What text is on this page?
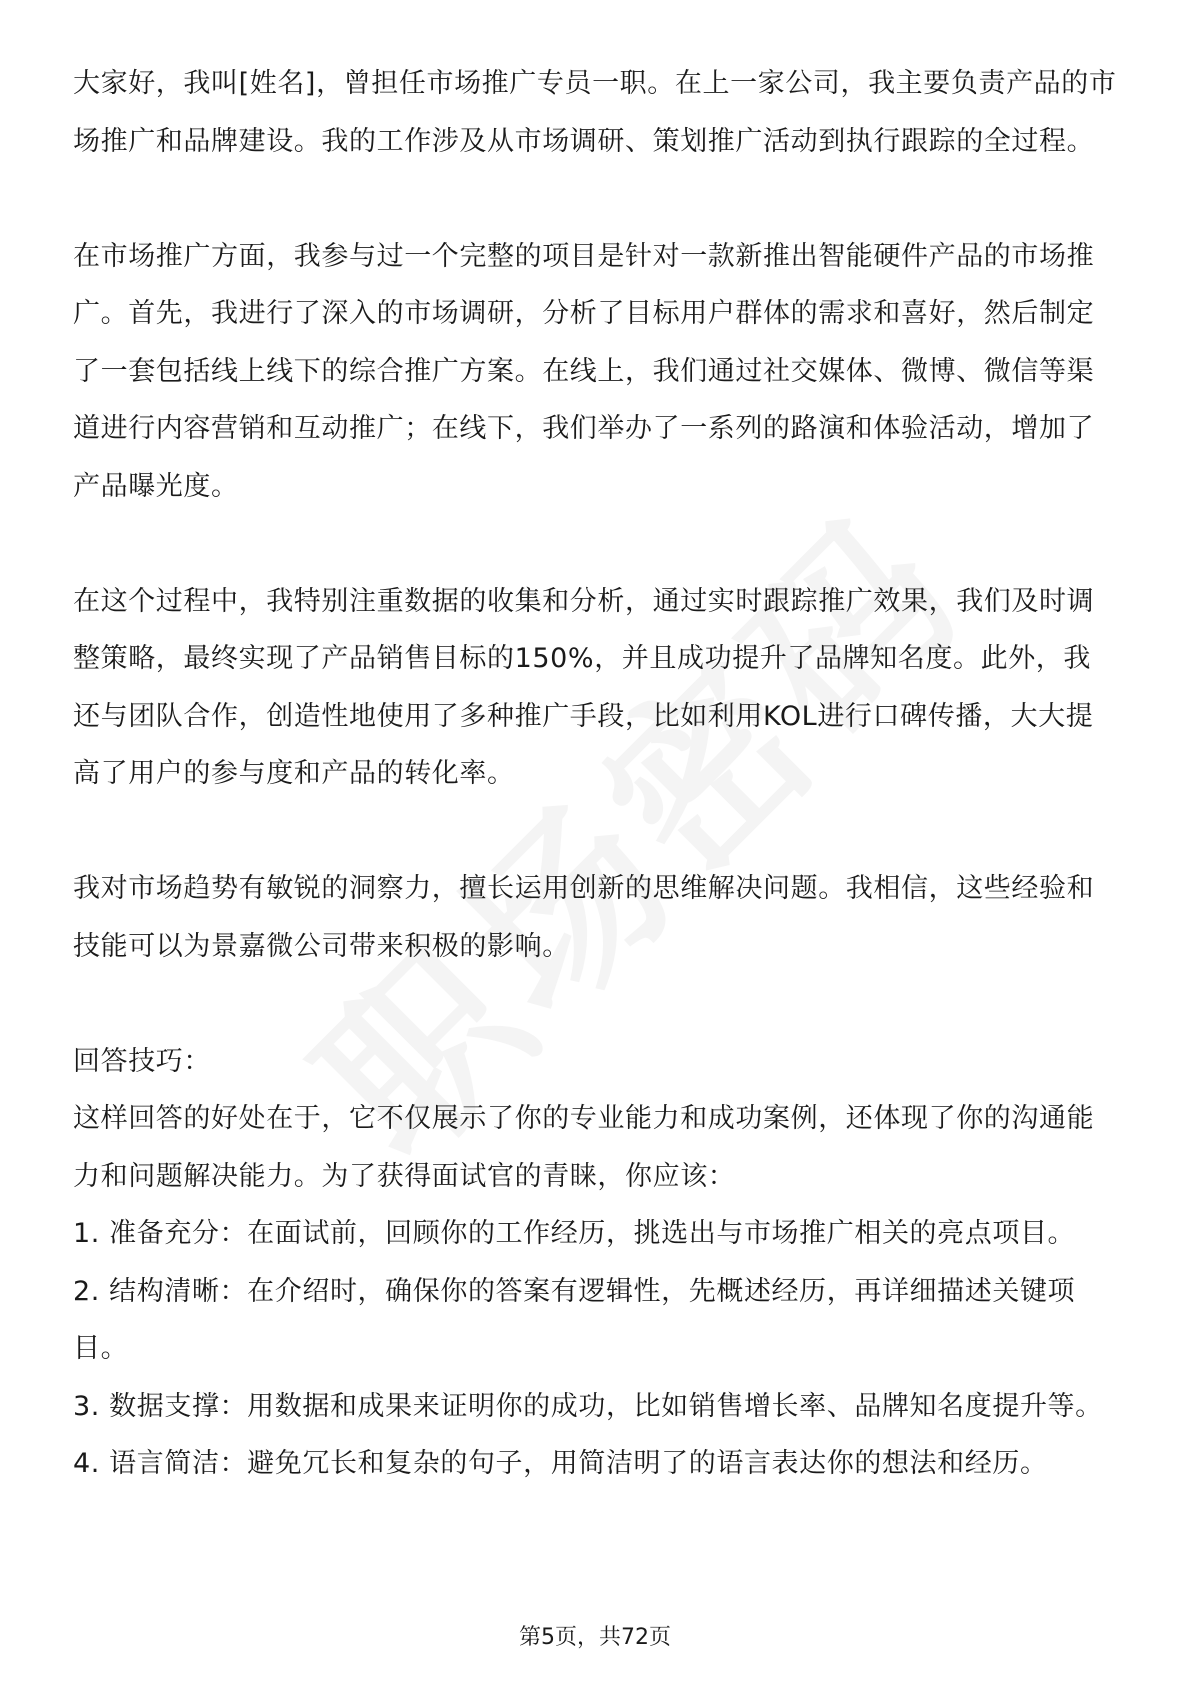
大家好，我叫[姓名]，曾担任市场推广专员一职。在上一家公司，我主要负责产品的市场推广和品牌建设。我的工作涉及从市场调研、策划推广活动到执行跟踪的全过程。

在市场推广方面，我参与过一个完整的项目是针对一款新推出智能硬件产品的市场推广。首先，我进行了深入的市场调研，分析了目标用户群体的需求和喜好，然后制定了一套包括线上线下的综合推广方案。在线上，我们通过社交媒体、微博、微信等渠道进行内容营销和互动推广；在线下，我们举办了一系列的路演和体验活动，增加了产品曝光度。

在这个过程中，我特别注重数据的收集和分析，通过实时跟踪推广效果，我们及时调整策略，最终实现了产品销售目标的150%，并且成功提升了品牌知名度。此外，我还与团队合作，创造性地使用了多种推广手段，比如利用KOL进行口碑传播，大大提高了用户的参与度和产品的转化率。

我对市场趋势有敏锐的洞察力，擅长运用创新的思维解决问题。我相信，这些经验和技能可以为景嘉微公司带来积极的影响。

回答技巧：

这样回答的好处在于，它不仅展示了你的专业能力和成功案例，还体现了你的沟通能力和问题解决能力。为了获得面试官的青睐，你应该：

1. 准备充分：在面试前，回顾你的工作经历，挑选出与市场推广相关的亮点项目。

2. 结构清晰：在介绍时，确保你的答案有逻辑性，先概述经历，再详细描述关键项目。

3. 数据支撑：用数据和成果来证明你的成功，比如销售增长率、品牌知名度提升等。

4. 语言简洁：避免冗长和复杂的句子，用简洁明了的语言表达你的想法和经历。

第5页，共72页
